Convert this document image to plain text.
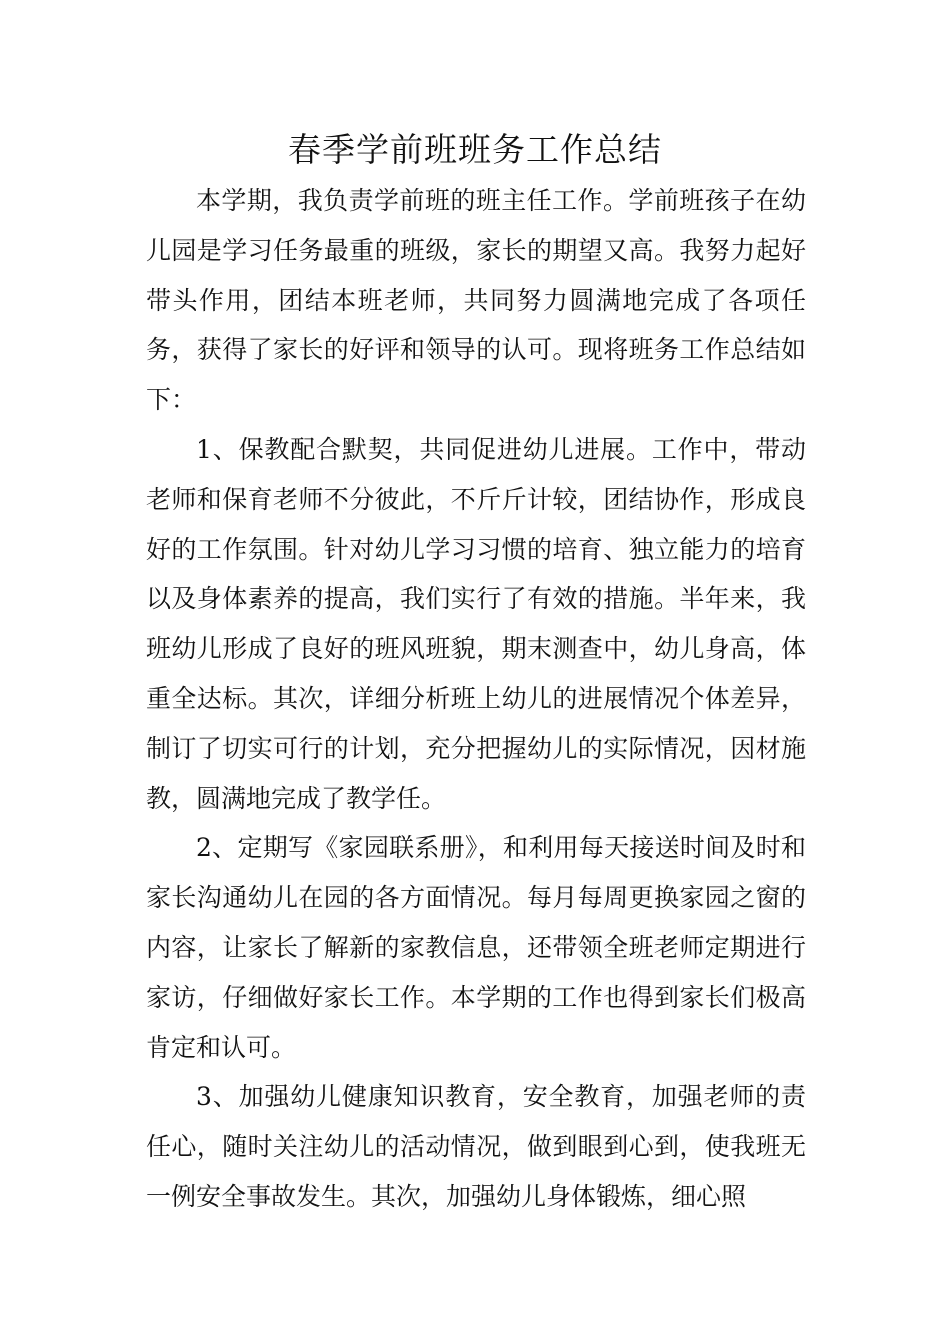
春季学前班班务工作总结

本学期，我负责学前班的班主任工作。学前班孩子在幼儿园是学习任务最重的班级，家长的期望又高。我努力起好带头作用，团结本班老师，共同努力圆满地完成了各项任务，获得了家长的好评和领导的认可。现将班务工作总结如下：

1、保教配合默契，共同促进幼儿进展。工作中，带动老师和保育老师不分彼此，不斤斤计较，团结协作，形成良好的工作氛围。针对幼儿学习习惯的培育、独立能力的培育以及身体素养的提高，我们实行了有效的措施。半年来，我班幼儿形成了良好的班风班貌，期末测查中，幼儿身高，体重全达标。其次，详细分析班上幼儿的进展情况个体差异，制订了切实可行的计划，充分把握幼儿的实际情况，因材施教，圆满地完成了教学任。

2、定期写《家园联系册》，和利用每天接送时间及时和家长沟通幼儿在园的各方面情况。每月每周更换家园之窗的内容，让家长了解新的家教信息，还带领全班老师定期进行家访，仔细做好家长工作。本学期的工作也得到家长们极高肯定和认可。

3、加强幼儿健康知识教育，安全教育，加强老师的责任心，随时关注幼儿的活动情况，做到眼到心到，使我班无一例安全事故发生。其次，加强幼儿身体锻炼，细心照
